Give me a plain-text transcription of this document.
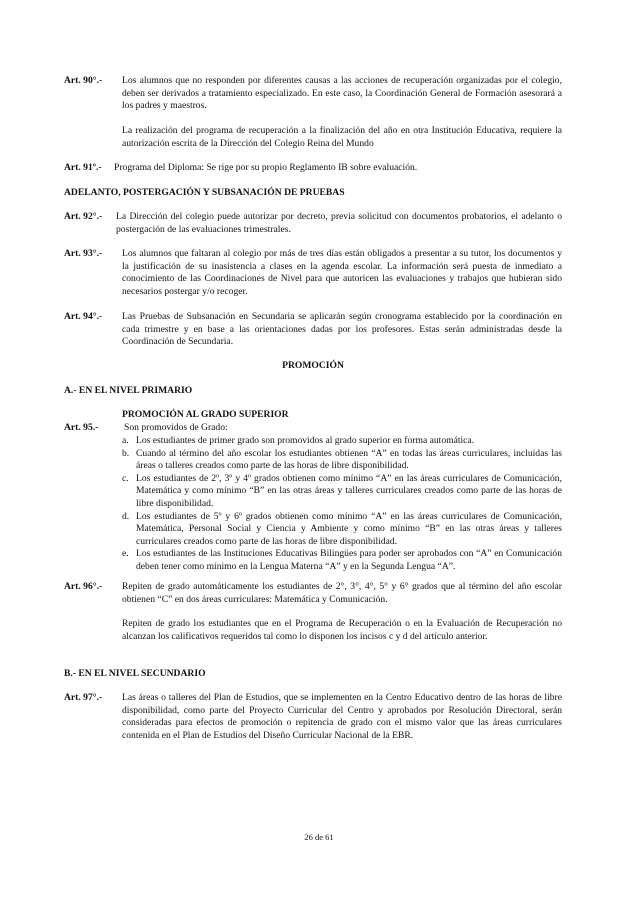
Art. 90°.- Los alumnos que no responden por diferentes causas a las acciones de recuperación organizadas por el colegio, deben ser derivados a tratamiento especializado. En este caso, la Coordinación General de Formación asesorará a los padres y maestros.
La realización del programa de recuperación a la finalización del año en otra Institución Educativa, requiere la autorización escrita de la Dirección del Colegio Reina del Mundo
Art. 91º.- Programa del Diploma: Se rige por su propio Reglamento IB sobre evaluación.
ADELANTO, POSTERGACIÓN Y SUBSANACIÓN DE PRUEBAS
Art. 92°.- La Dirección del colegio puede autorizar por decreto, previa solicitud con documentos probatorios, el adelanto o postergación de las evaluaciones trimestrales.
Art. 93°.- Los alumnos que faltaran al colegio por más de tres días están obligados a presentar a su tutor, los documentos y la justificación de su inasistencia a clases en la agenda escolar. La información será puesta de inmediato a conocimiento de las Coordinaciones de Nivel para que autoricen las evaluaciones y trabajos que hubieran sido necesarios postergar y/o recoger.
Art. 94°.- Las Pruebas de Subsanación en Secundaria se aplicarán según cronograma establecido por la coordinación en cada trimestre y en base a las orientaciones dadas por los profesores. Estas serán administradas desde la Coordinación de Secundaria.
PROMOCIÓN
A.- EN EL NIVEL PRIMARIO
PROMOCIÓN AL GRADO SUPERIOR
Art. 95.-	Son promovidos de Grado:
a. Los estudiantes de primer grado son promovidos al grado superior en forma automática.
b. Cuando al término del año escolar los estudiantes obtienen “A” en todas las áreas curriculares, incluidas las áreas o talleres creados como parte de las horas de libre disponibilidad.
c. Los estudiantes de 2º, 3º y 4º grados obtienen como mínimo “A” en las áreas curriculares de Comunicación, Matemática y como mínimo “B” en las otras áreas y talleres curriculares creados como parte de las horas de libre disponibilidad.
d. Los estudiantes de 5º y 6º grados obtienen como mínimo “A” en las áreas curriculares de Comunicación, Matemática, Personal Social y Ciencia y Ambiente y como mínimo “B” en las otras áreas y talleres curriculares creados como parte de las horas de libre disponibilidad.
e. Los estudiantes de las Instituciones Educativas Bilingües para poder ser aprobados con “A” en Comunicación deben tener como mínimo en la Lengua Materna “A” y en la Segunda Lengua “A”.
Art. 96°.- Repiten de grado automáticamente los estudiantes de 2°, 3°, 4°, 5° y 6° grados que al término del año escolar obtienen “C” en dos áreas curriculares: Matemática y Comunicación.
Repiten de grado los estudiantes que en el Programa de Recuperación o en la Evaluación de Recuperación no alcanzan los calificativos requeridos tal como lo disponen los incisos c y d del artículo anterior.
B.- EN EL NIVEL SECUNDARIO
Art. 97°.- Las áreas o talleres del Plan de Estudios, que se implementen en la Centro Educativo dentro de las horas de libre disponibilidad, como parte del Proyecto Curricular del Centro y aprobados por Resolución Directoral, serán consideradas para efectos de promoción o repitencia de grado con el mismo valor que las áreas curriculares contenida en el Plan de Estudios del Diseño Curricular Nacional de la EBR.
26 de 61
